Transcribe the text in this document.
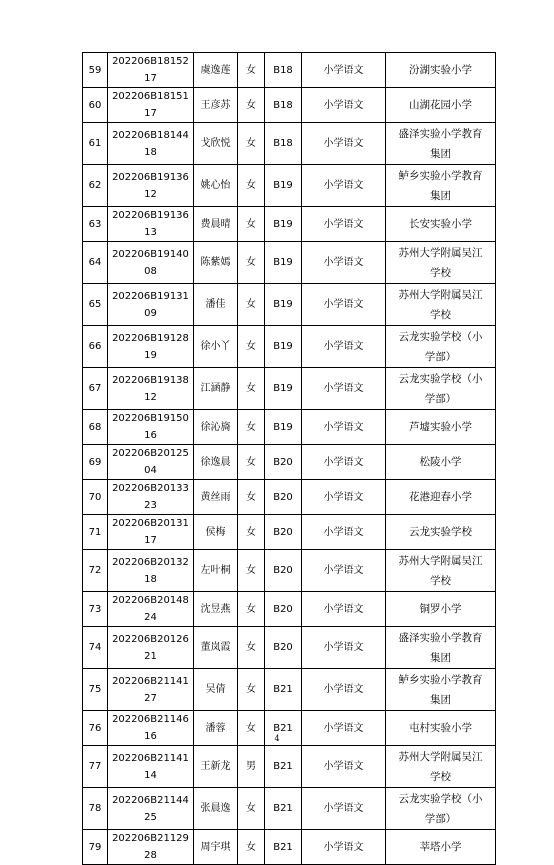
59	202206B1815217	虞逸莲	女	B18	小学语文	汾湖实验小学
60	202206B1815117	王彦苏	女	B18	小学语文	山湖花园小学
61	202206B1814418	戈欣悦	女	B18	小学语文	盛泽实验小学教育集团
62	202206B1913612	姚心怡	女	B19	小学语文	鲈乡实验小学教育集团
63	202206B1913613	费晨晴	女	B19	小学语文	长安实验小学
64	202206B1914008	陈紫嫣	女	B19	小学语文	苏州大学附属吴江学校
65	202206B1913109	潘佳	女	B19	小学语文	苏州大学附属吴江学校
66	202206B1912819	徐小丫	女	B19	小学语文	云龙实验学校（小学部）
67	202206B1913812	江涵静	女	B19	小学语文	云龙实验学校（小学部）
68	202206B1915016	徐沁旖	女	B19	小学语文	芦墟实验小学
69	202206B2012504	徐逸晨	女	B20	小学语文	松陵小学
70	202206B2013323	黄丝雨	女	B20	小学语文	花港迎春小学
71	202206B2013117	侯梅	女	B20	小学语文	云龙实验学校
72	202206B2013218	左叶桐	女	B20	小学语文	苏州大学附属吴江学校
73	202206B2014824	沈昱燕	女	B20	小学语文	铜罗小学
74	202206B2012621	董岚霞	女	B20	小学语文	盛泽实验小学教育集团
75	202206B2114127	吴倩	女	B21	小学语文	鲈乡实验小学教育集团
76	202206B2114616	潘蓉	女	B21	小学语文	屯村实验小学
77	202206B2114114	王新龙	男	B21	小学语文	苏州大学附属吴江学校
78	202206B2114425	张晨逸	女	B21	小学语文	云龙实验学校（小学部）
79	202206B2112928	周宇琪	女	B21	小学语文	莘塔小学
4
